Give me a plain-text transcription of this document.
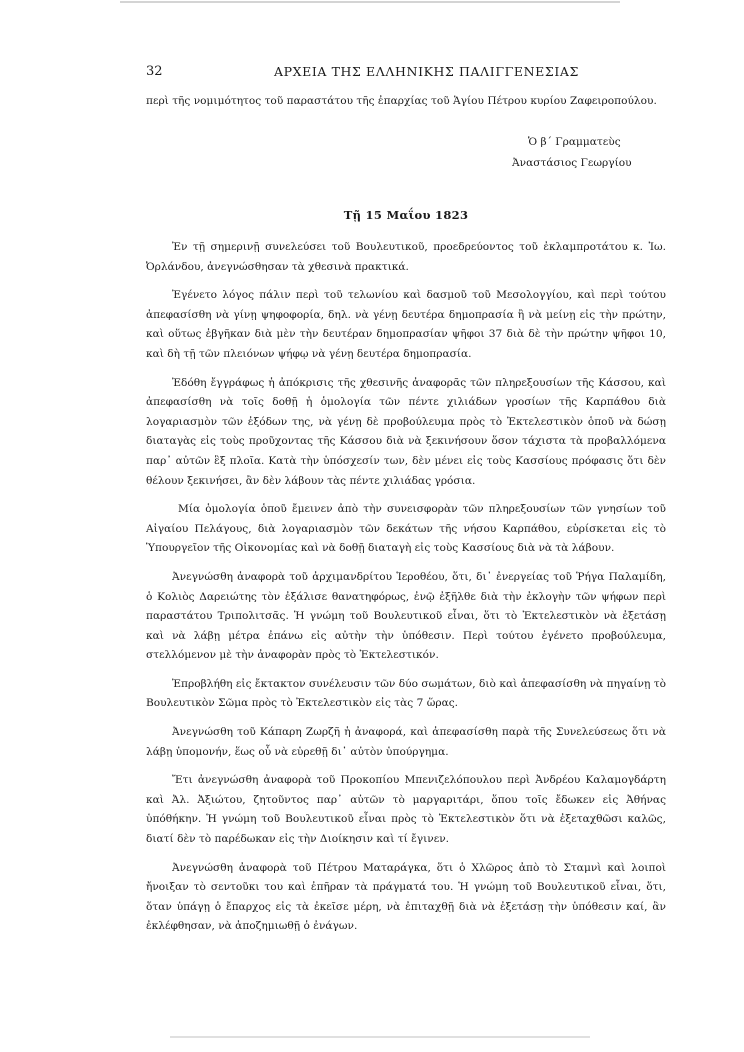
32	ΑΡΧΕΙΑ ΤΗΣ ΕΛΛΗΝΙΚΗΣ ΠΑΛΙΓΓΕΝΕΣΙΑΣ
περὶ τῆς νομιμότητος τοῦ παραστάτου τῆς ἐπαρχίας τοῦ Ἁγίου Πέτρου κυρίου Ζαφειροπούλου.
Ὁ β΄ Γραμματεὺς
Ἀναστάσιος Γεωργίου
Τῇ 15 Μαΐου 1823

Ἐν τῇ σημερινῇ συνελεύσει τοῦ Βουλευτικοῦ, προεδρεύοντος τοῦ ἐκλαμπροτάτου κ. Ἰω. Ὀρλάνδου, ἀνεγνώσθησαν τὰ χθεσινὰ πρακτικά.

Ἐγένετο λόγος πάλιν περὶ τοῦ τελωνίου καὶ δασμοῦ τοῦ Μεσολογγίου, καὶ περὶ τούτου ἀπεφασίσθη νὰ γίνῃ ψηφοφορία, δηλ. νὰ γένῃ δευτέρα δημοπρασία ἢ νὰ μείνῃ εἰς τὴν πρώτην, καὶ οὕτως ἐβγῆκαν διὰ μὲν τὴν δευτέραν δημοπρασίαν ψῆφοι 37 διὰ δὲ τὴν πρώτην ψῆφοι 10, καὶ δὴ τῇ τῶν πλειόνων ψήφῳ νὰ γένῃ δευτέρα δημοπρασία.

Ἐδόθη ἔγγράφως ἡ ἀπόκρισις τῆς χθεσινῆς ἀναφορᾶς τῶν πληρεξουσίων τῆς Κάσσου, καὶ ἀπεφασίσθη νὰ τοῖς δοθῇ ἡ ὁμολογία τῶν πέντε χιλιάδων γροσίων τῆς Καρπάθου διὰ λογαριασμὸν τῶν ἐξόδων της, νὰ γένῃ δὲ προβούλευμα πρὸς τὸ Ἐκτελεστικὸν ὁποῦ νὰ δώσῃ διαταγὰς εἰς τοὺς προῦχοντας τῆς Κάσσου διὰ νὰ ξεκινήσουν ὅσον τάχιστα τὰ προβαλλόμενα παρ᾿ αὐτῶν ἓξ πλοῖα. Κατὰ τὴν ὑπόσχεσίν των, δὲν μένει εἰς τοὺς Κασσίους πρόφασις ὅτι δὲν θέλουν ξεκινήσει, ἂν δὲν λάβουν τὰς πέντε χιλιάδας γρόσια.

Μία ὁμολογία ὁποῦ ἔμεινεν ἀπὸ τὴν συνεισφορὰν τῶν πληρεξουσίων τῶν γνησίων τοῦ Αἰγαίου Πελάγους, διὰ λογαριασμὸν τῶν δεκάτων τῆς νήσου Καρπάθου, εὑρίσκεται εἰς τὸ Ὑπουργεῖον τῆς Οἰκονομίας καὶ νὰ δοθῇ διαταγὴ εἰς τοὺς Κασσίους διὰ νὰ τὰ λάβουν.

Ἀνεγνώσθη ἀναφορὰ τοῦ ἀρχιμανδρίτου Ἱεροθέου, ὅτι, δι᾿ ἐνεργείας τοῦ Ῥήγα Παλαμίδη, ὁ Κολιὸς Δαρειώτης τὸν ἐξάλισε θανατηφόρως, ἐνῷ ἐξῆλθε διὰ τὴν ἐκλογὴν τῶν ψήφων περὶ παραστάτου Τριπολιτσᾶς. Ἡ γνώμη τοῦ Βουλευτικοῦ εἶναι, ὅτι τὸ Ἐκτελεστικὸν νὰ ἐξετάσῃ καὶ νὰ λάβῃ μέτρα ἐπάνω εἰς αὐτὴν τὴν ὑπόθεσιν. Περὶ τούτου ἐγένετο προβούλευμα, στελλόμενον μὲ τὴν ἀναφορὰν πρὸς τὸ Ἐκτελεστικόν.

Ἐπροβλήθη εἰς ἔκτακτον συνέλευσιν τῶν δύο σωμάτων, διὸ καὶ ἀπεφασίσθη νὰ πηγαίνῃ τὸ Βουλευτικὸν Σῶμα πρὸς τὸ Ἐκτελεστικὸν εἰς τὰς 7 ὥρας.

Ἀνεγνώσθη τοῦ Κάπαρη Ζωρζῆ ἡ ἀναφορά, καὶ ἀπεφασίσθη παρὰ τῆς Συνελεύσεως ὅτι νὰ λάβῃ ὑπομονήν, ἕως οὗ νὰ εὑρεθῇ δι᾿ αὐτὸν ὑπούργημα.

Ἔτι ἀνεγνώσθη ἀναφορὰ τοῦ Προκοπίου Μπενιζελόπουλου περὶ Ἀνδρέου Καλαμογδάρτη καὶ Ἀλ. Ἀξιώτου, ζητοῦντος παρ᾿ αὐτῶν τὸ μαργαριτάρι, ὅπου τοῖς ἔδωκεν εἰς Ἀθήνας ὑπόθήκην. Ἡ γνώμη τοῦ Βουλευτικοῦ εἶναι πρὸς τὸ Ἐκτελεστικὸν ὅτι νὰ ἐξεταχθῶσι καλῶς, διατί δὲν τὸ παρέδωκαν εἰς τὴν Διοίκησιν καὶ τί ἔγινεν.

Ἀνεγνώσθη ἀναφορὰ τοῦ Πέτρου Ματαράγκα, ὅτι ὁ Χλῶρος ἀπὸ τὸ Σταμνὶ καὶ λοιποὶ ἤνοιξαν τὸ σεντοῦκι του καὶ ἐπῆραν τὰ πράγματά του. Ἡ γνώμη τοῦ Βουλευτικοῦ εἶναι, ὅτι, ὅταν ὑπάγῃ ὁ ἔπαρχος εἰς τὰ ἐκεῖσε μέρη, νὰ ἐπιταχθῇ διὰ νὰ ἐξετάσῃ τὴν ὑπόθεσιν καί, ἂν ἐκλέφθησαν, νὰ ἀποζημιωθῇ ὁ ἐνάγων.
